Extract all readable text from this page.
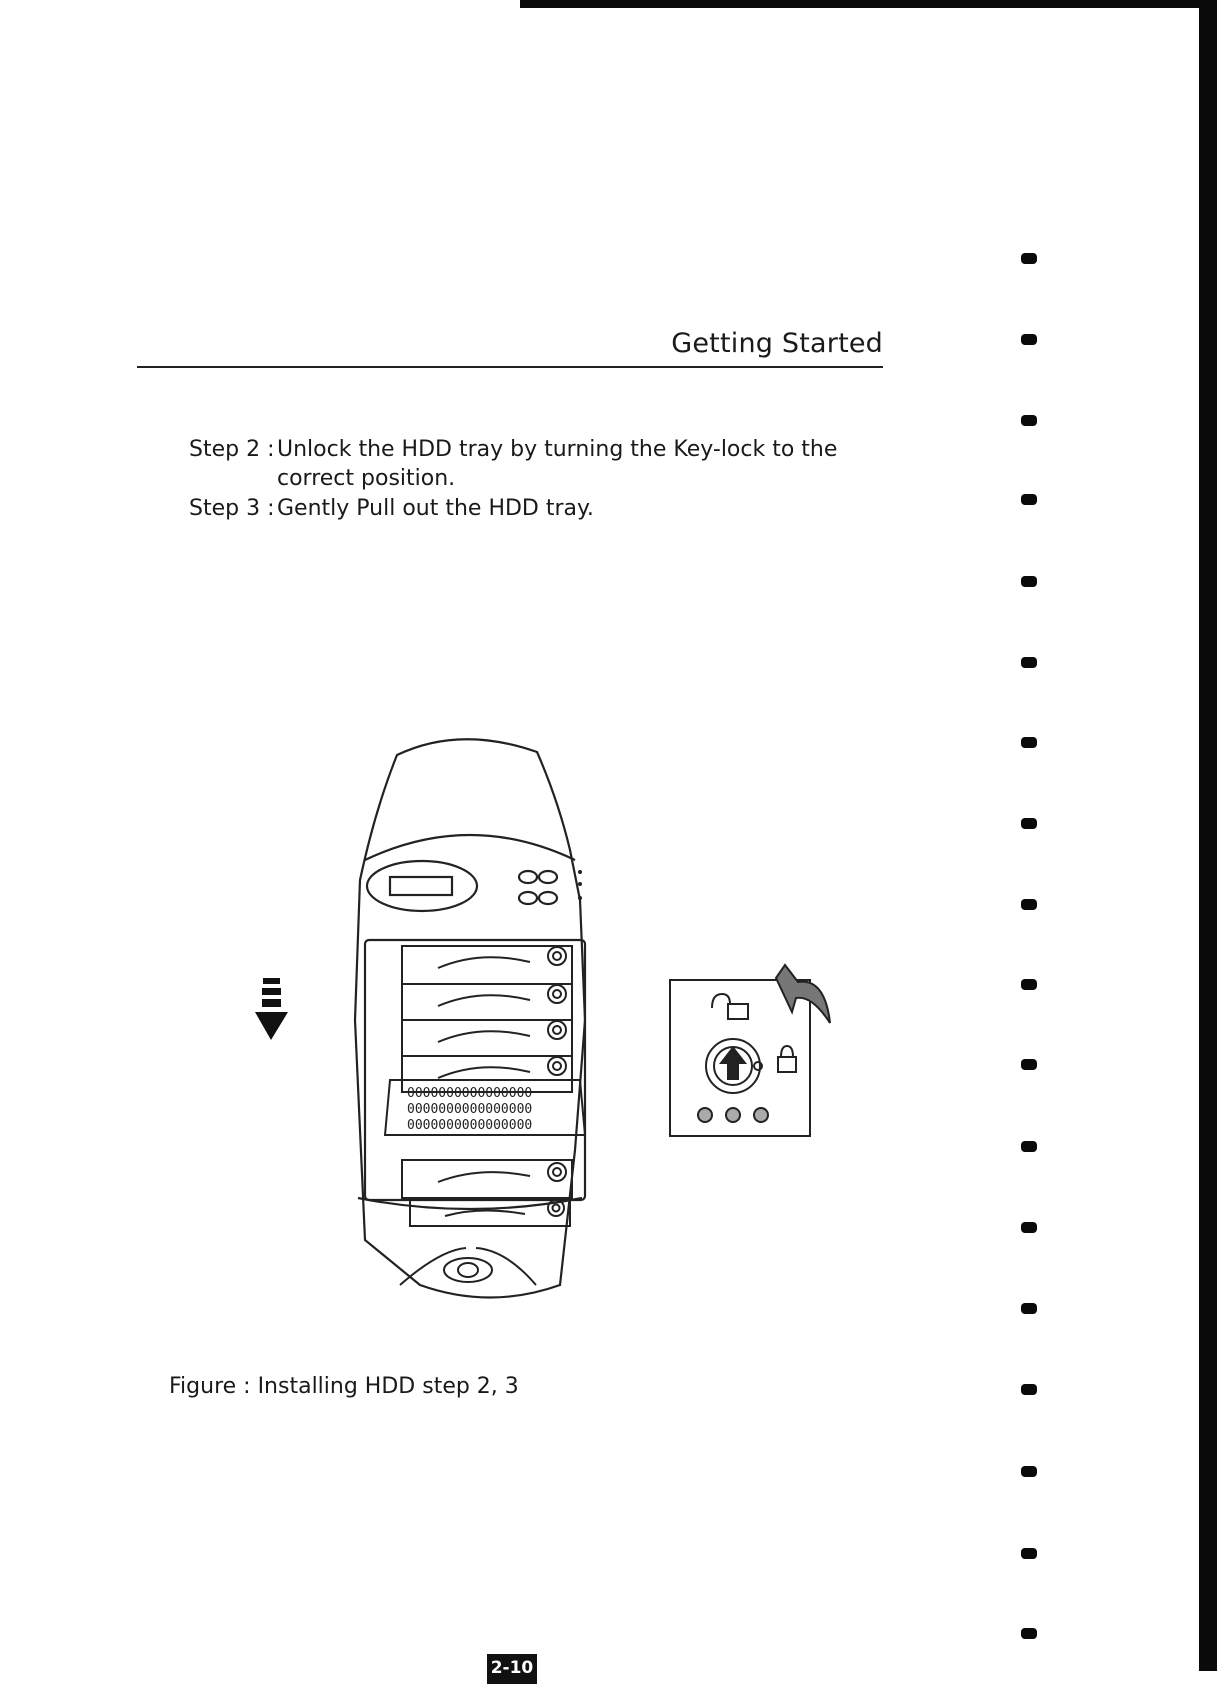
Getting Started
Step 2 : Unlock the HDD tray by turning the Key-lock to the
correct position.
Step 3 : Gently Pull out the HDD tray.
0000000000000000
0000000000000000
0000000000000000
Figure : Installing HDD step 2, 3
2-10
